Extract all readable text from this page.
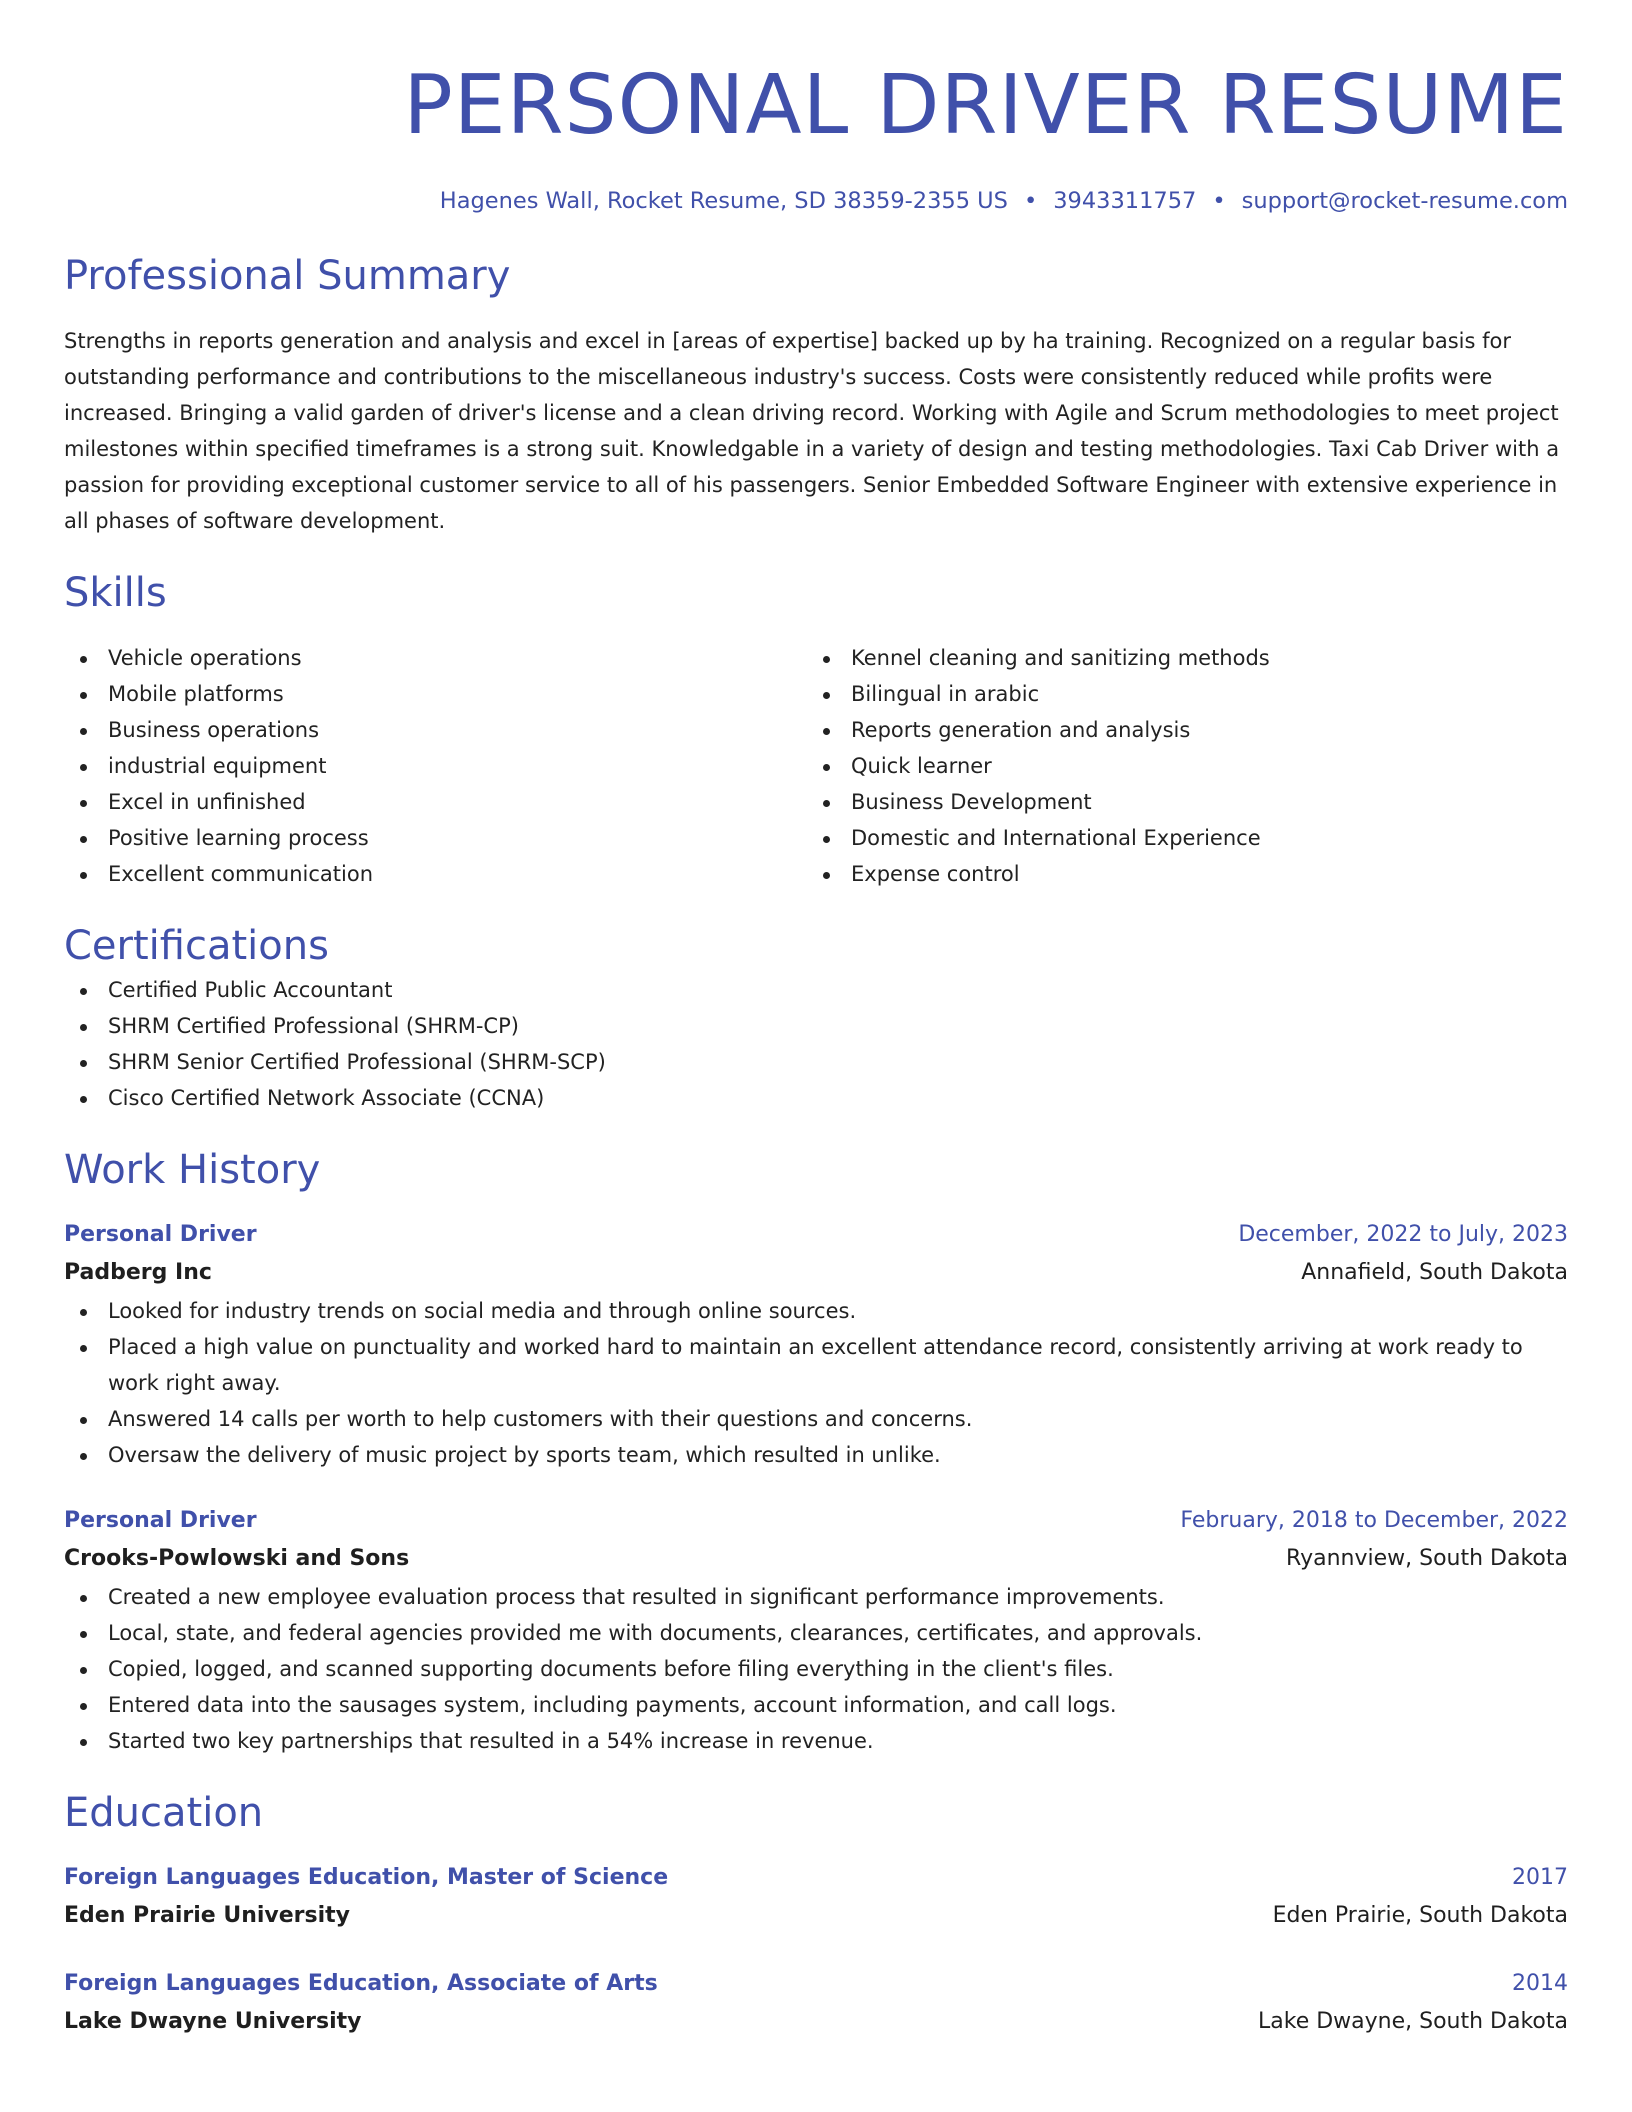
PERSONAL DRIVER RESUME
Hagenes Wall, Rocket Resume, SD 38359-2355 US • 3943311757 • support@rocket-resume.com
Professional Summary

Strengths in reports generation and analysis and excel in [areas of expertise] backed up by ha training. Recognized on a regular basis for outstanding performance and contributions to the miscellaneous industry's success. Costs were consistently reduced while profits were increased. Bringing a valid garden of driver's license and a clean driving record. Working with Agile and Scrum methodologies to meet project milestones within specified timeframes is a strong suit. Knowledgable in a variety of design and testing methodologies. Taxi Cab Driver with a passion for providing exceptional customer service to all of his passengers. Senior Embedded Software Engineer with extensive experience in all phases of software development.

Skills
Vehicle operations
Mobile platforms
Business operations
industrial equipment
Excel in unfinished
Positive learning process
Excellent communication
Kennel cleaning and sanitizing methods
Bilingual in arabic
Reports generation and analysis
Quick learner
Business Development
Domestic and International Experience
Expense control
Certifications
Certified Public Accountant
SHRM Certified Professional (SHRM-CP)
SHRM Senior Certified Professional (SHRM-SCP)
Cisco Certified Network Associate (CCNA)
Work History
Personal Driver	December, 2022 to July, 2023
Padberg Inc	Annafield, South Dakota
Looked for industry trends on social media and through online sources.
Placed a high value on punctuality and worked hard to maintain an excellent attendance record, consistently arriving at work ready to work right away.
Answered 14 calls per worth to help customers with their questions and concerns.
Oversaw the delivery of music project by sports team, which resulted in unlike.
Personal Driver	February, 2018 to December, 2022
Crooks-Powlowski and Sons	Ryannview, South Dakota
Created a new employee evaluation process that resulted in significant performance improvements.
Local, state, and federal agencies provided me with documents, clearances, certificates, and approvals.
Copied, logged, and scanned supporting documents before filing everything in the client's files.
Entered data into the sausages system, including payments, account information, and call logs.
Started two key partnerships that resulted in a 54% increase in revenue.
Education
Foreign Languages Education, Master of Science	2017
Eden Prairie University	Eden Prairie, South Dakota
Foreign Languages Education, Associate of Arts	2014
Lake Dwayne University	Lake Dwayne, South Dakota
